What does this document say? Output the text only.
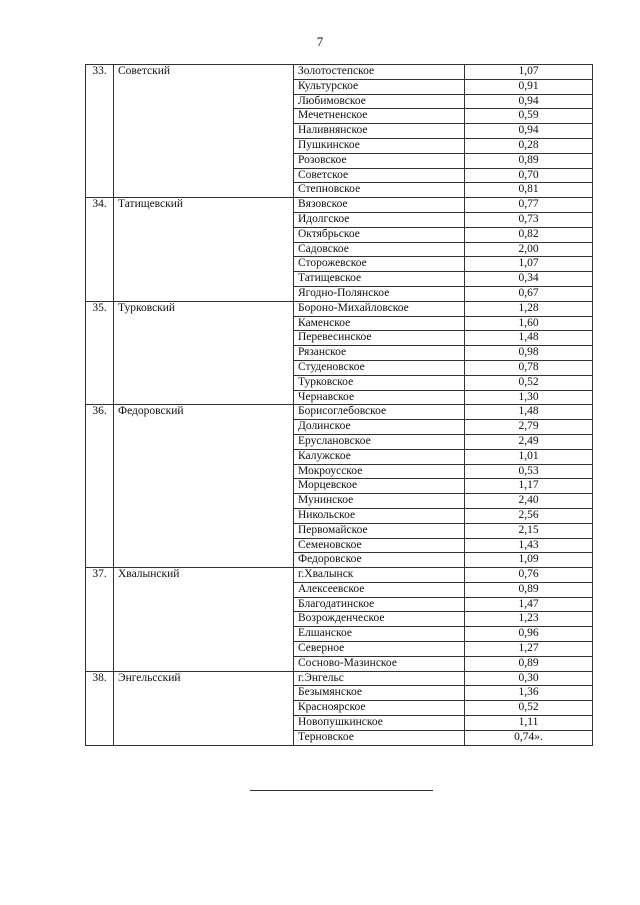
7
33.	Советский	Золотостепское	1,07
		Культурское	0,91
		Любимовское	0,94
		Мечетненское	0,59
		Наливнянское	0,94
		Пушкинское	0,28
		Розовское	0,89
		Советское	0,70
		Степновское	0,81
34.	Татищевский	Вязовское	0,77
		Идолгское	0,73
		Октябрьское	0,82
		Садовское	2,00
		Сторожевское	1,07
		Татищевское	0,34
		Ягодно-Полянское	0,67
35.	Турковский	Бороно-Михайловское	1,28
		Каменское	1,60
		Перевесинское	1,48
		Рязанское	0,98
		Студеновское	0,78
		Турковское	0,52
		Чернавское	1,30
36.	Федоровский	Борисоглебовское	1,48
		Долинское	2,79
		Еруслановское	2,49
		Калужское	1,01
		Мокроусское	0,53
		Морцевское	1,17
		Мунинское	2,40
		Никольское	2,56
		Первомайское	2,15
		Семеновское	1,43
		Федоровское	1,09
37.	Хвалынский	г.Хвалынск	0,76
		Алексеевское	0,89
		Благодатинское	1,47
		Возрожденческое	1,23
		Елшанское	0,96
		Северное	1,27
		Сосново-Мазинское	0,89
38.	Энгельсский	г.Энгельс	0,30
		Безымянское	1,36
		Красноярское	0,52
		Новопушкинское	1,11
		Терновское	0,74».
